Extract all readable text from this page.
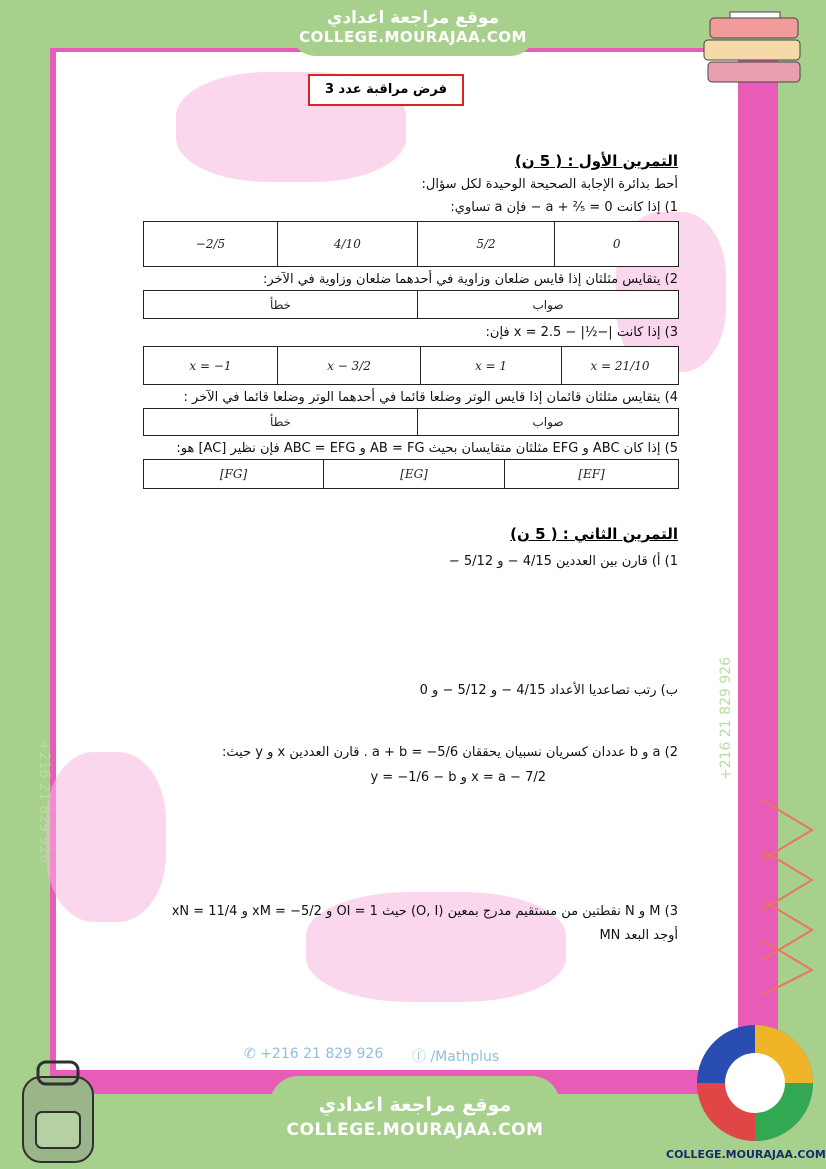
موقع مراجعة اعدادي
COLLEGE.MOURAJAA.COM
فرض مراقبة عدد 3
التمرين الأول : ( 5 ن)
أحط بدائرة الإجابة الصحيحة الوحيدة لكل سؤال:
1) إذا كانت 0 = a + ²⁄₅ − فإن a تساوي:
−2/5	4/10	5/2	0
2) يتقايس مثلثان إذا قايس ضلعان وزاوية في أحدهما ضلعان وزاوية في الآخر:
خطأ	صواب
3) إذا كانت |−½| − x = 2.5 فإن:
x = −1	x − 3/2	x = 1	x = 21/10
4) يتقايس مثلثان قائمان إذا قايس الوتر وضلعا قائما في أحدهما الوتر وضلعا قائما في الآخر :
خطأ	صواب
5) إذا كان ABC و EFG مثلثان متقايسان بحيث AB = FG و ABC = EFG فإن نظير [AC] هو:
[FG]	[EG]	[EF]
التمرين الثاني : ( 5 ن)
1) أ) قارن بين العددين 4/15 − و 5/12 −
ب) رتب تصاعديا الأعداد 4/15 − و 5/12 − و 0
2) a و b عددان كسريان نسبيان يحققان a + b = −5/6 . قارن العددين x و y حيث:
x = a − 7/2 و y = −1/6 − b
3) M و N نقطتين من مستقيم مدرج بمعين (O, I) حيث OI = 1 و xM = −5/2 و xN = 11/4
أوجد البعد MN
+216 21 829 926
+216 21 829 926
✆ +216 21 829 926 ⓕ /Mathplus
موقع مراجعة اعدادي
COLLEGE.MOURAJAA.COM
COLLEGE.MOURAJAA.COM
